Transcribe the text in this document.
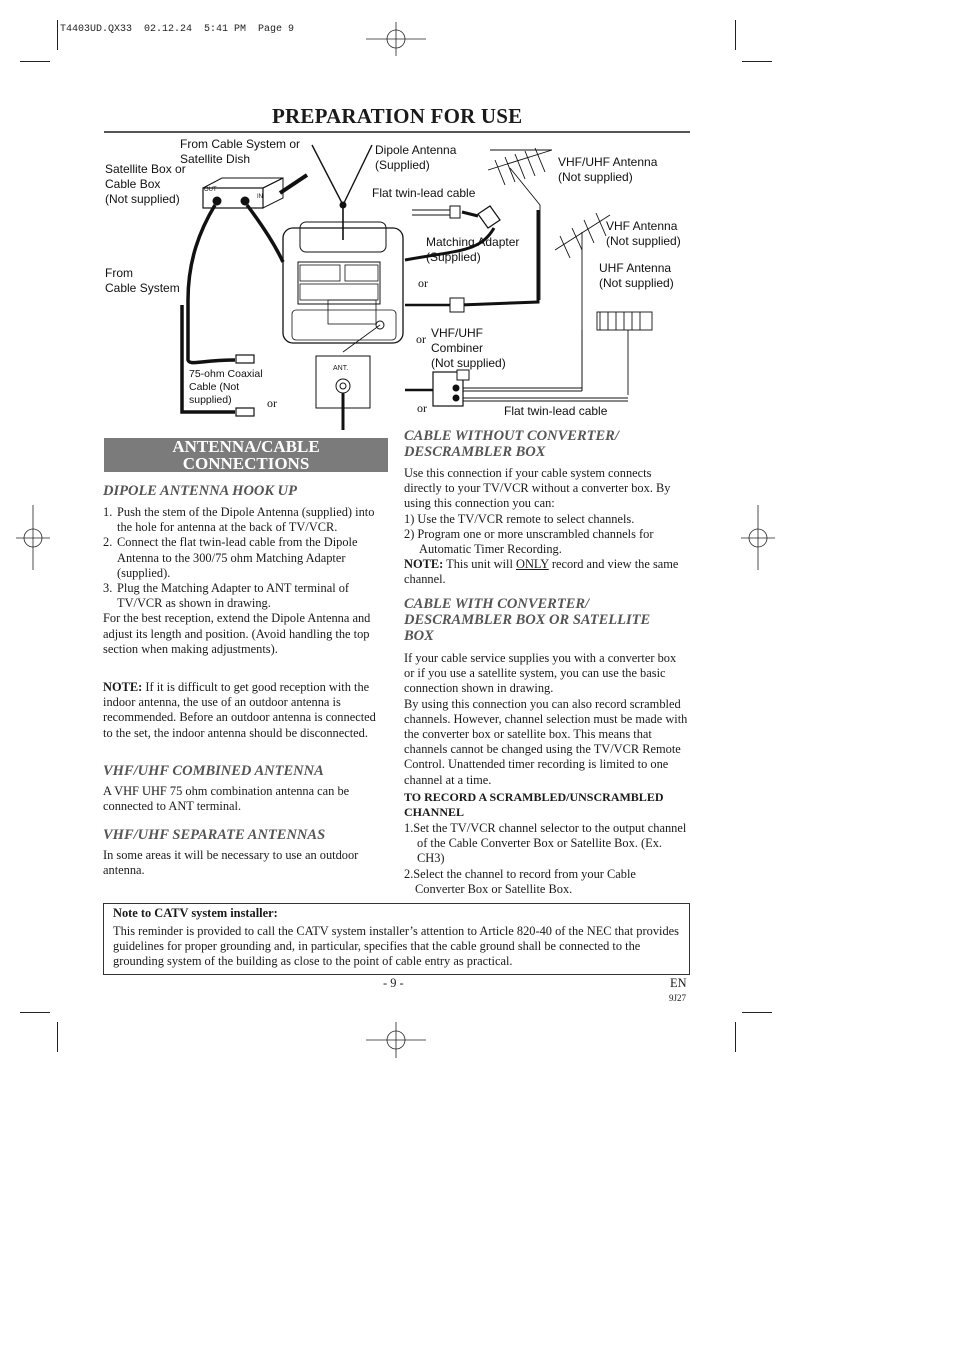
T4403UD.QX33  02.12.24  5:41 PM  Page 9
PREPARATION FOR USE
OUT
IN
From Cable System or
Satellite Dish
Satellite Box or
Cable Box
(Not supplied)
Dipole Antenna
(Supplied)
Flat twin-lead cable
VHF/UHF Antenna
(Not supplied)
VHF Antenna
(Not supplied)
Matching Adapter
(Supplied)
UHF Antenna
(Not supplied)
From
Cable System	or
VHF/UHF
Combiner
(Not supplied)
or
75-ohm Coaxial
Cable (Not
supplied)
ANT.
or	or	Flat twin-lead cable
ANTENNA/CABLE
CONNECTIONS
DIPOLE ANTENNA HOOK UP
1. Push the stem of the Dipole Antenna (supplied) into the hole for antenna at the back of TV/VCR.
2. Connect the flat twin-lead cable from the Dipole Antenna to the 300/75 ohm Matching Adapter (supplied).
3. Plug the Matching Adapter to ANT terminal of TV/VCR as shown in drawing.

For the best reception, extend the Dipole Antenna and adjust its length and position. (Avoid handling the top section when making adjustments).

NOTE: If it is difficult to get good reception with the indoor antenna, the use of an outdoor antenna is recommended. Before an outdoor antenna is connected to the set, the indoor antenna should be disconnected.

VHF/UHF COMBINED ANTENNA
A VHF UHF 75 ohm combination antenna can be connected to ANT terminal.
VHF/UHF SEPARATE ANTENNAS
In some areas it will be necessary to use an outdoor antenna.
CABLE WITHOUT CONVERTER/
DESCRAMBLER BOX

Use this connection if your cable system connects directly to your TV/VCR without a converter box. By using this connection you can:

1) Use the TV/VCR remote to select channels.

2) Program one or more unscrambled channels for Automatic Timer Recording.

NOTE: This unit will ONLY record and view the same channel.

CABLE WITH CONVERTER/
DESCRAMBLER BOX OR SATELLITE
BOX

If your cable service supplies you with a converter box or if you use a satellite system, you can use the basic connection shown in drawing.

By using this connection you can also record scrambled channels. However, channel selection must be made with the converter box or satellite box. This means that channels cannot be changed using the TV/VCR Remote Control. Unattended timer recording is limited to one channel at a time.

TO RECORD A SCRAMBLED/UNSCRAMBLED CHANNEL

1.Set the TV/VCR channel selector to the output channel of the Cable Converter Box or Satellite Box. (Ex. CH3)

2.Select the channel to record from your Cable Converter Box or Satellite Box.

Note to CATV system installer:
This reminder is provided to call the CATV system installer’s attention to Article 820-40 of the NEC that provides guidelines for proper grounding and, in particular, specifies that the cable ground shall be connected to the grounding system of the building as close to the point of cable entry as practical.
- 9 -	EN
9J27
